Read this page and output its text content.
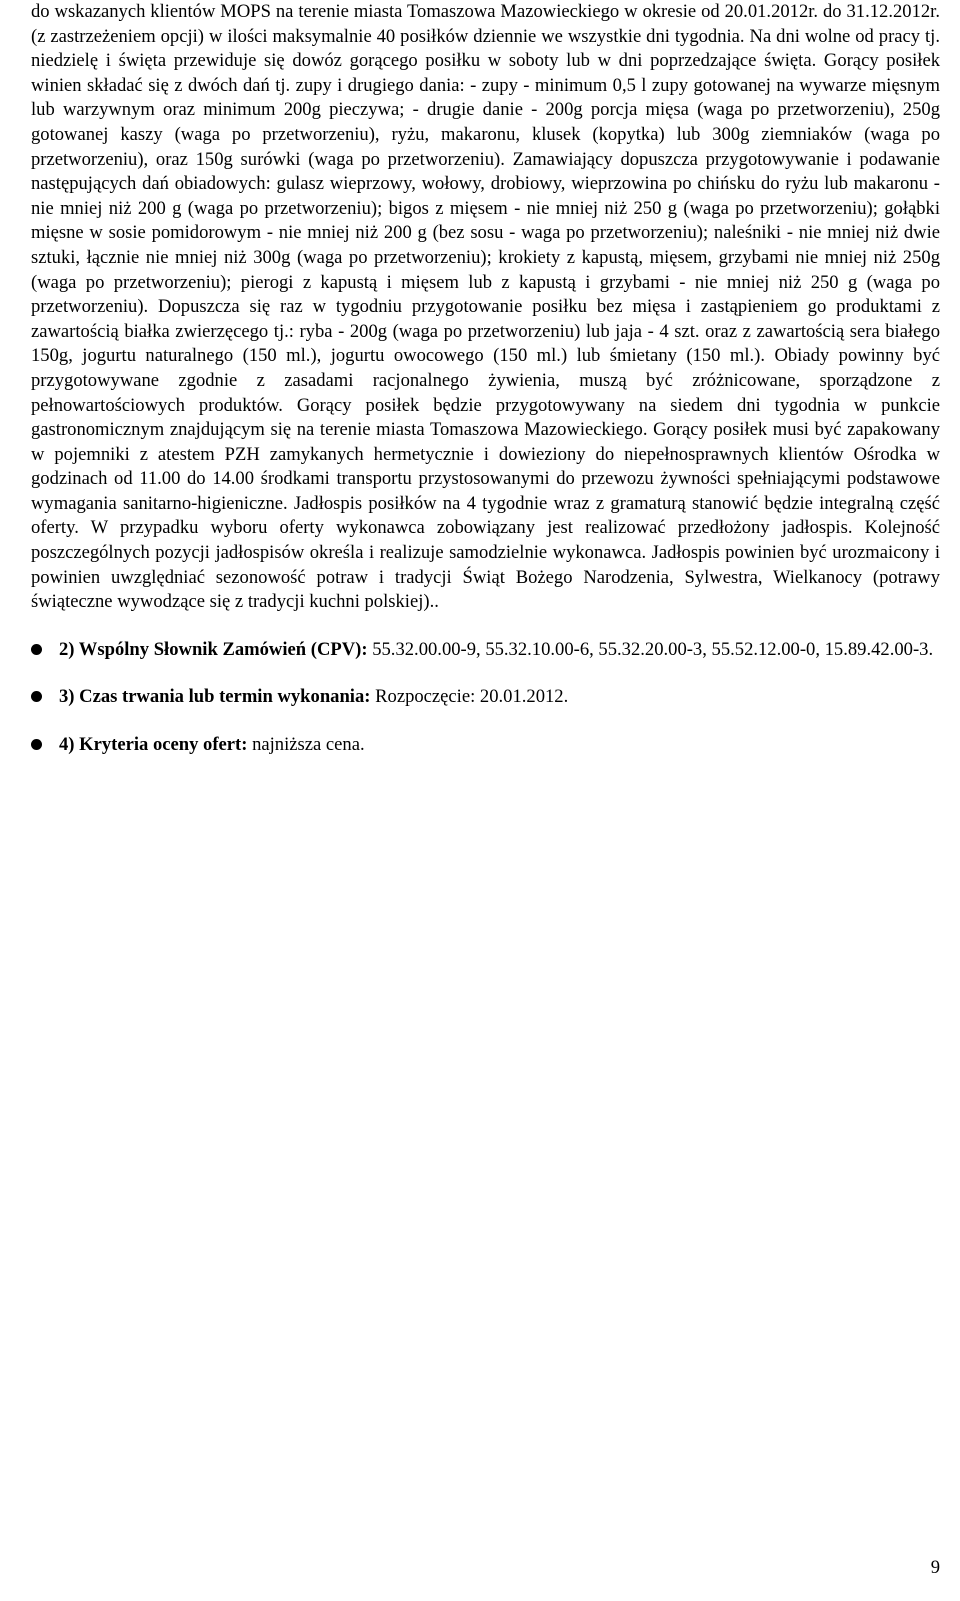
do wskazanych klientów MOPS na terenie miasta Tomaszowa Mazowieckiego w okresie od 20.01.2012r. do 31.12.2012r. (z zastrzeżeniem opcji) w ilości maksymalnie 40 posiłków dziennie we wszystkie dni tygodnia. Na dni wolne od pracy tj. niedzielę i święta przewiduje się dowóz gorącego posiłku w soboty lub w dni poprzedzające święta. Gorący posiłek winien składać się z dwóch dań tj. zupy i drugiego dania: - zupy - minimum 0,5 l zupy gotowanej na wywarze mięsnym lub warzywnym oraz minimum 200g pieczywa; - drugie danie - 200g porcja mięsa (waga po przetworzeniu), 250g gotowanej kaszy (waga po przetworzeniu), ryżu, makaronu, klusek (kopytka) lub 300g ziemniaków (waga po przetworzeniu), oraz 150g surówki (waga po przetworzeniu). Zamawiający dopuszcza przygotowywanie i podawanie następujących dań obiadowych: gulasz wieprzowy, wołowy, drobiowy, wieprzowina po chińsku do ryżu lub makaronu - nie mniej niż 200 g (waga po przetworzeniu); bigos z mięsem - nie mniej niż 250 g (waga po przetworzeniu); gołąbki mięsne w sosie pomidorowym - nie mniej niż 200 g (bez sosu - waga po przetworzeniu); naleśniki - nie mniej niż dwie sztuki, łącznie nie mniej niż 300g (waga po przetworzeniu); krokiety z kapustą, mięsem, grzybami nie mniej niż 250g (waga po przetworzeniu); pierogi z kapustą i mięsem lub z kapustą i grzybami - nie mniej niż 250 g (waga po przetworzeniu). Dopuszcza się raz w tygodniu przygotowanie posiłku bez mięsa i zastąpieniem go produktami z zawartością białka zwierzęcego tj.: ryba - 200g (waga po przetworzeniu) lub jaja - 4 szt. oraz z zawartością sera białego 150g, jogurtu naturalnego (150 ml.), jogurtu owocowego (150 ml.) lub śmietany (150 ml.). Obiady powinny być przygotowywane zgodnie z zasadami racjonalnego żywienia, muszą być zróżnicowane, sporządzone z pełnowartościowych produktów. Gorący posiłek będzie przygotowywany na siedem dni tygodnia w punkcie gastronomicznym znajdującym się na terenie miasta Tomaszowa Mazowieckiego. Gorący posiłek musi być zapakowany w pojemniki z atestem PZH zamykanych hermetycznie i dowieziony do niepełnosprawnych klientów Ośrodka w godzinach od 11.00 do 14.00 środkami transportu przystosowanymi do przewozu żywności spełniającymi podstawowe wymagania sanitarno-higieniczne. Jadłospis posiłków na 4 tygodnie wraz z gramaturą stanowić będzie integralną część oferty. W przypadku wyboru oferty wykonawca zobowiązany jest realizować przedłożony jadłospis. Kolejność poszczególnych pozycji jadłospisów określa i realizuje samodzielnie wykonawca. Jadłospis powinien być urozmaicony i powinien uwzględniać sezonowość potraw i tradycji Świąt Bożego Narodzenia, Sylwestra, Wielkanocy (potrawy świąteczne wywodzące się z tradycji kuchni polskiej)..

2) Wspólny Słownik Zamówień (CPV): 55.32.00.00-9, 55.32.10.00-6, 55.32.20.00-3, 55.52.12.00-0, 15.89.42.00-3.
3) Czas trwania lub termin wykonania: Rozpoczęcie: 20.01.2012.
4) Kryteria oceny ofert: najniższa cena.
9
